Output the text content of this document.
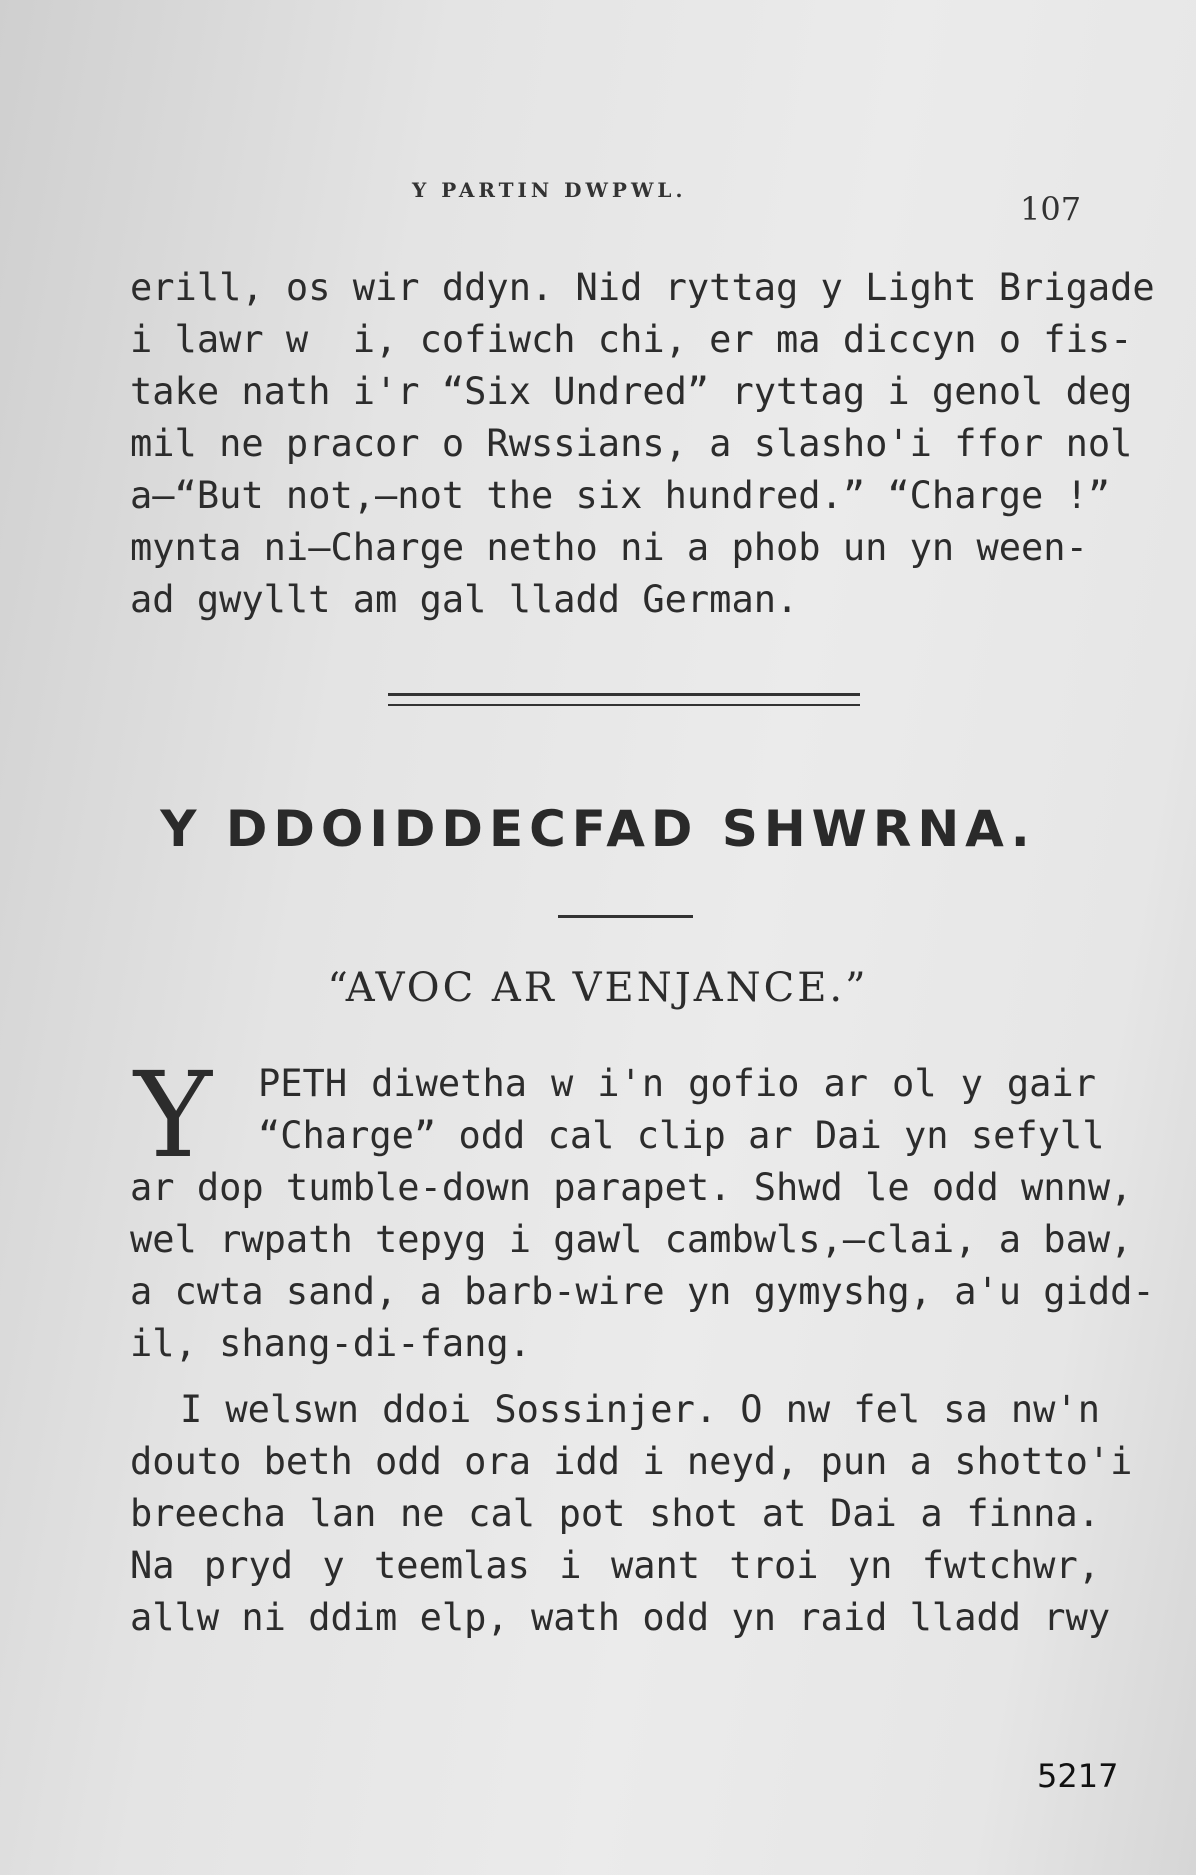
Y PARTIN DWPWL.	107
erill, os wir ddyn. Nid ryttag y Light Brigade
i lawr w  i, cofiwch chi, er ma diccyn o fis-
take nath i'r “Six Undred” ryttag i genol deg
mil ne pracor o Rwssians, a slasho'i ffor nol
a—“But not,—not the six hundred.” “Charge !”
mynta ni—Charge netho ni a phob un yn ween-
ad gwyllt am gal lladd German.
Y DDOIDDECFAD SHWRNA.
“AVOC AR VENJANCE.”
Y PETH diwetha w i'n gofio ar ol y gair
“Charge” odd cal clip ar Dai yn sefyll
ar dop tumble-down parapet. Shwd le odd wnnw,
wel rwpath tepyg i gawl cambwls,—clai, a baw,
a cwta sand, a barb-wire yn gymyshg, a'u gidd-
il, shang-di-fang.
I welswn ddoi Sossinjer. O nw fel sa nw'n
douto beth odd ora idd i neyd, pun a shotto'i
breecha lan ne cal pot shot at Dai a finna.
Na pryd y teemlas i want troi yn fwtchwr,
allw ni ddim elp, wath odd yn raid lladd rwy
5217
